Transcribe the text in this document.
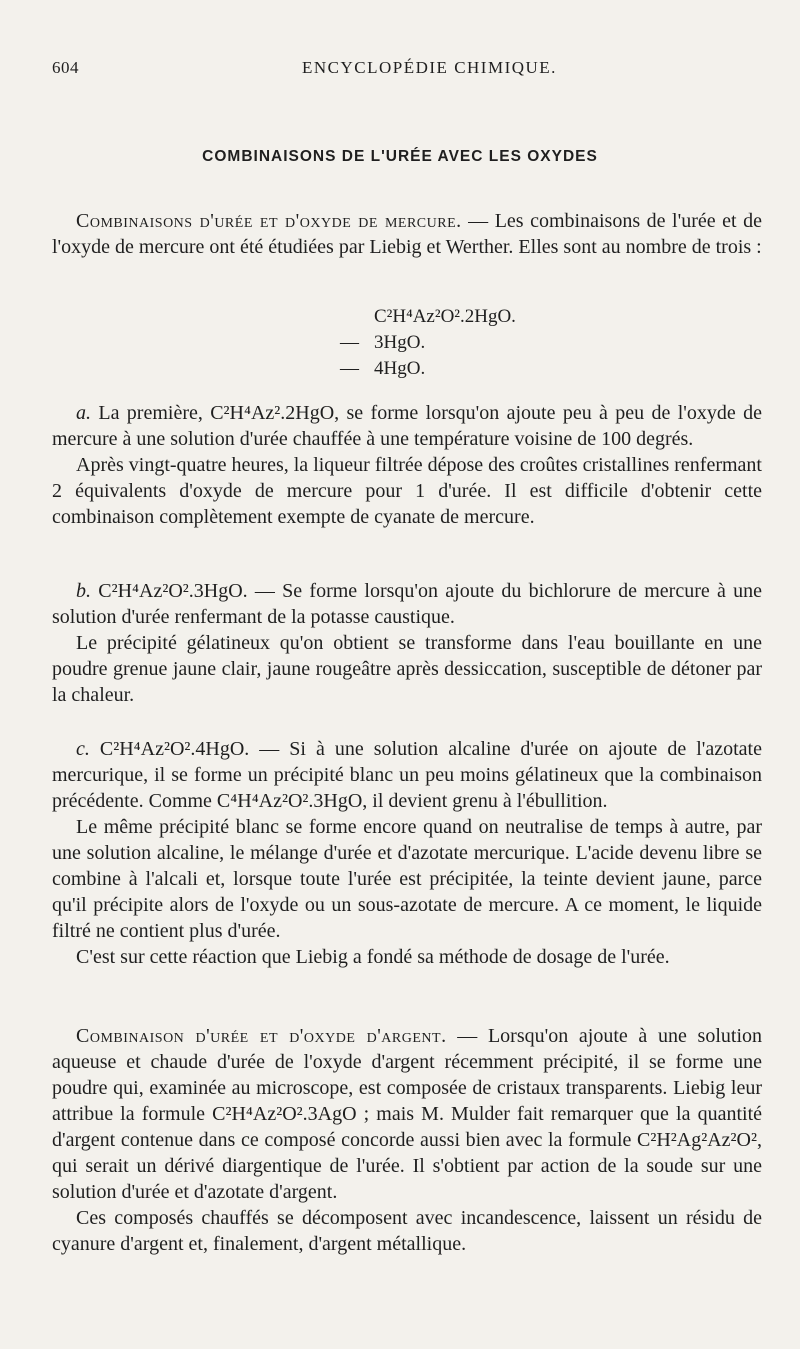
604	ENCYCLOPÉDIE CHIMIQUE.
COMBINAISONS DE L'URÉE AVEC LES OXYDES

Combinaisons d'urée et d'oxyde de mercure. — Les combinaisons de l'urée et de l'oxyde de mercure ont été étudiées par Liebig et Werther. Elles sont au nombre de trois :

C²H⁴Az²O².2HgO.
— 3HgO.
— 4HgO.

a. La première, C²H⁴Az².2HgO, se forme lorsqu'on ajoute peu à peu de l'oxyde de mercure à une solution d'urée chauffée à une température voisine de 100 degrés.

Après vingt-quatre heures, la liqueur filtrée dépose des croûtes cristallines renfermant 2 équivalents d'oxyde de mercure pour 1 d'urée. Il est difficile d'obtenir cette combinaison complètement exempte de cyanate de mercure.

b. C²H⁴Az²O².3HgO. — Se forme lorsqu'on ajoute du bichlorure de mercure à une solution d'urée renfermant de la potasse caustique.

Le précipité gélatineux qu'on obtient se transforme dans l'eau bouillante en une poudre grenue jaune clair, jaune rougeâtre après dessiccation, susceptible de détoner par la chaleur.

c. C²H⁴Az²O².4HgO. — Si à une solution alcaline d'urée on ajoute de l'azotate mercurique, il se forme un précipité blanc un peu moins gélatineux que la combinaison précédente. Comme C⁴H⁴Az²O².3HgO, il devient grenu à l'ébullition.

Le même précipité blanc se forme encore quand on neutralise de temps à autre, par une solution alcaline, le mélange d'urée et d'azotate mercurique. L'acide devenu libre se combine à l'alcali et, lorsque toute l'urée est précipitée, la teinte devient jaune, parce qu'il précipite alors de l'oxyde ou un sous-azotate de mercure. A ce moment, le liquide filtré ne contient plus d'urée.

C'est sur cette réaction que Liebig a fondé sa méthode de dosage de l'urée.

Combinaison d'urée et d'oxyde d'argent. — Lorsqu'on ajoute à une solution aqueuse et chaude d'urée de l'oxyde d'argent récemment précipité, il se forme une poudre qui, examinée au microscope, est composée de cristaux transparents. Liebig leur attribue la formule C²H⁴Az²O².3AgO ; mais M. Mulder fait remarquer que la quantité d'argent contenue dans ce composé concorde aussi bien avec la formule C²H²Ag²Az²O², qui serait un dérivé diargentique de l'urée. Il s'obtient par action de la soude sur une solution d'urée et d'azotate d'argent.

Ces composés chauffés se décomposent avec incandescence, laissent un résidu de cyanure d'argent et, finalement, d'argent métallique.
